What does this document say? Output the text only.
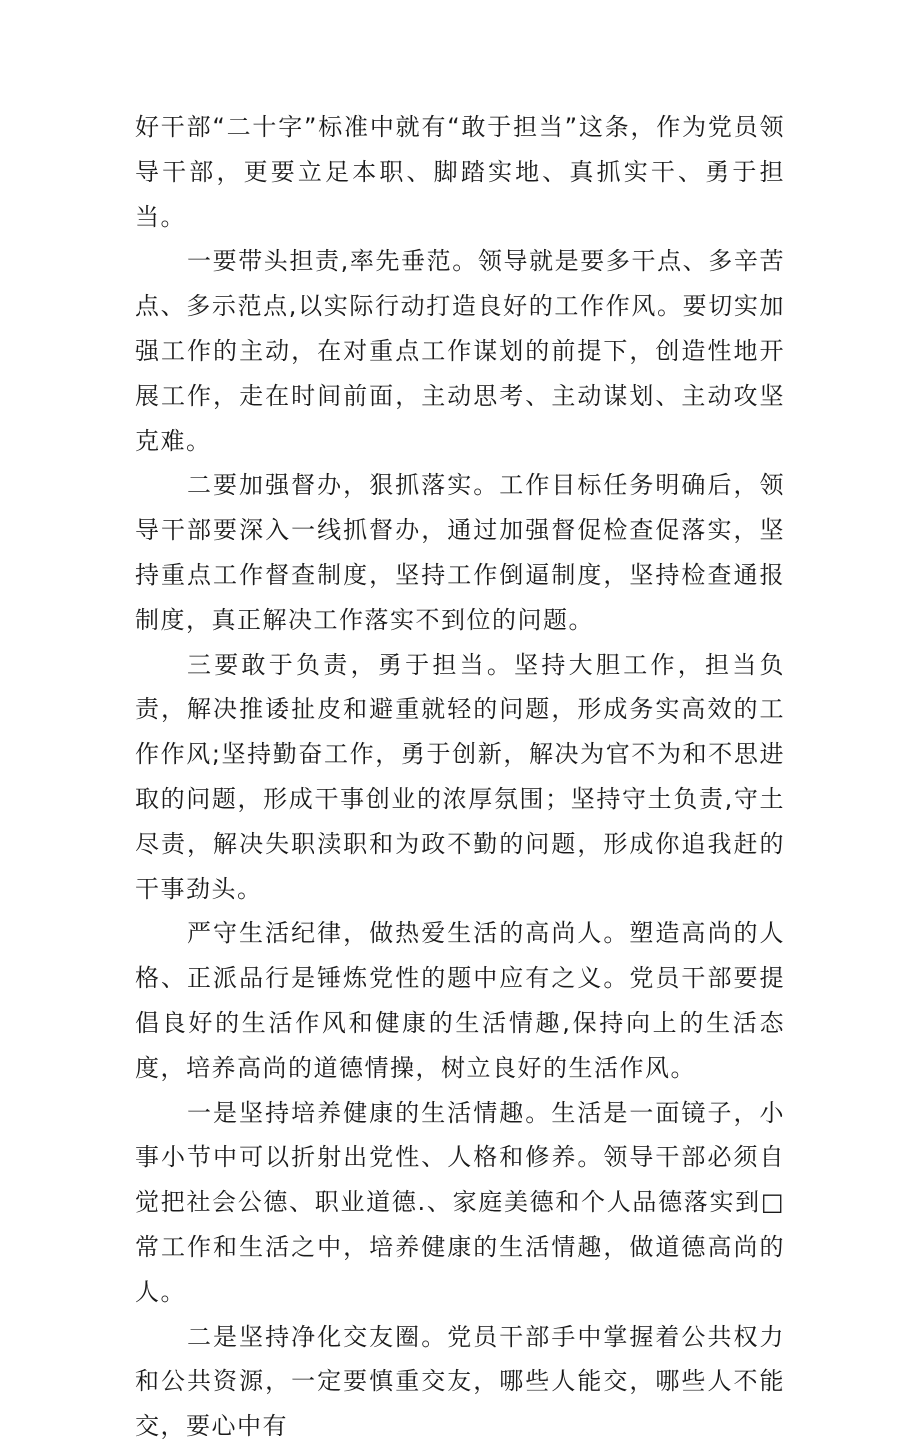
好干部“二十字”标准中就有“敢于担当”这条，作为党员领导干部，更要立足本职、脚踏实地、真抓实干、勇于担当。

一要带头担责,率先垂范。领导就是要多干点、多辛苦点、多示范点,以实际行动打造良好的工作作风。要切实加强工作的主动，在对重点工作谋划的前提下，创造性地开展工作，走在时间前面，主动思考、主动谋划、主动攻坚克难。

二要加强督办，狠抓落实。工作目标任务明确后，领导干部要深入一线抓督办，通过加强督促检查促落实，坚持重点工作督查制度，坚持工作倒逼制度，坚持检查通报制度，真正解决工作落实不到位的问题。

三要敢于负责，勇于担当。坚持大胆工作，担当负责，解决推诿扯皮和避重就轻的问题，形成务实高效的工作作风;坚持勤奋工作，勇于创新，解决为官不为和不思进取的问题，形成干事创业的浓厚氛围；坚持守土负责,守土尽责，解决失职渎职和为政不勤的问题，形成你追我赶的干事劲头。

严守生活纪律，做热爱生活的高尚人。塑造高尚的人格、正派品行是锤炼党性的题中应有之义。党员干部要提倡良好的生活作风和健康的生活情趣,保持向上的生活态度，培养高尚的道德情操，树立良好的生活作风。

一是坚持培养健康的生活情趣。生活是一面镜子，小事小节中可以折射出党性、人格和修养。领导干部必须自觉把社会公德、职业道德.、家庭美德和个人品德落实到□常工作和生活之中，培养健康的生活情趣，做道德高尚的人。

二是坚持净化交友圈。党员干部手中掌握着公共权力和公共资源，一定要慎重交友，哪些人能交，哪些人不能交，要心中有
